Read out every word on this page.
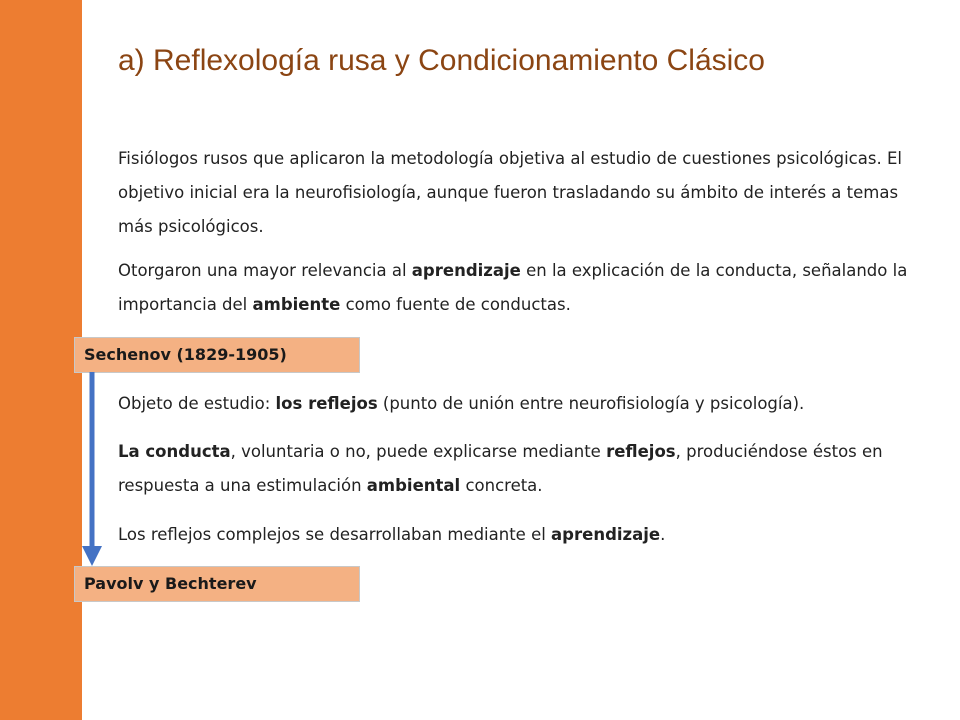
a) Reflexología rusa y Condicionamiento Clásico

Fisiólogos rusos que aplicaron la metodología objetiva al estudio de cuestiones psicológicas. El objetivo inicial era la neurofisiología, aunque fueron trasladando su ámbito de interés a temas más psicológicos.

Otorgaron una mayor relevancia al aprendizaje en la explicación de la conducta, señalando la importancia del ambiente como fuente de conductas.

Sechenov (1829-1905)

Objeto de estudio: los reflejos (punto de unión entre neurofisiología y psicología).

La conducta, voluntaria o no, puede explicarse mediante reflejos, produciéndose éstos en respuesta a una estimulación ambiental concreta.

Los reflejos complejos se desarrollaban mediante el aprendizaje.

Pavolv y Bechterev
